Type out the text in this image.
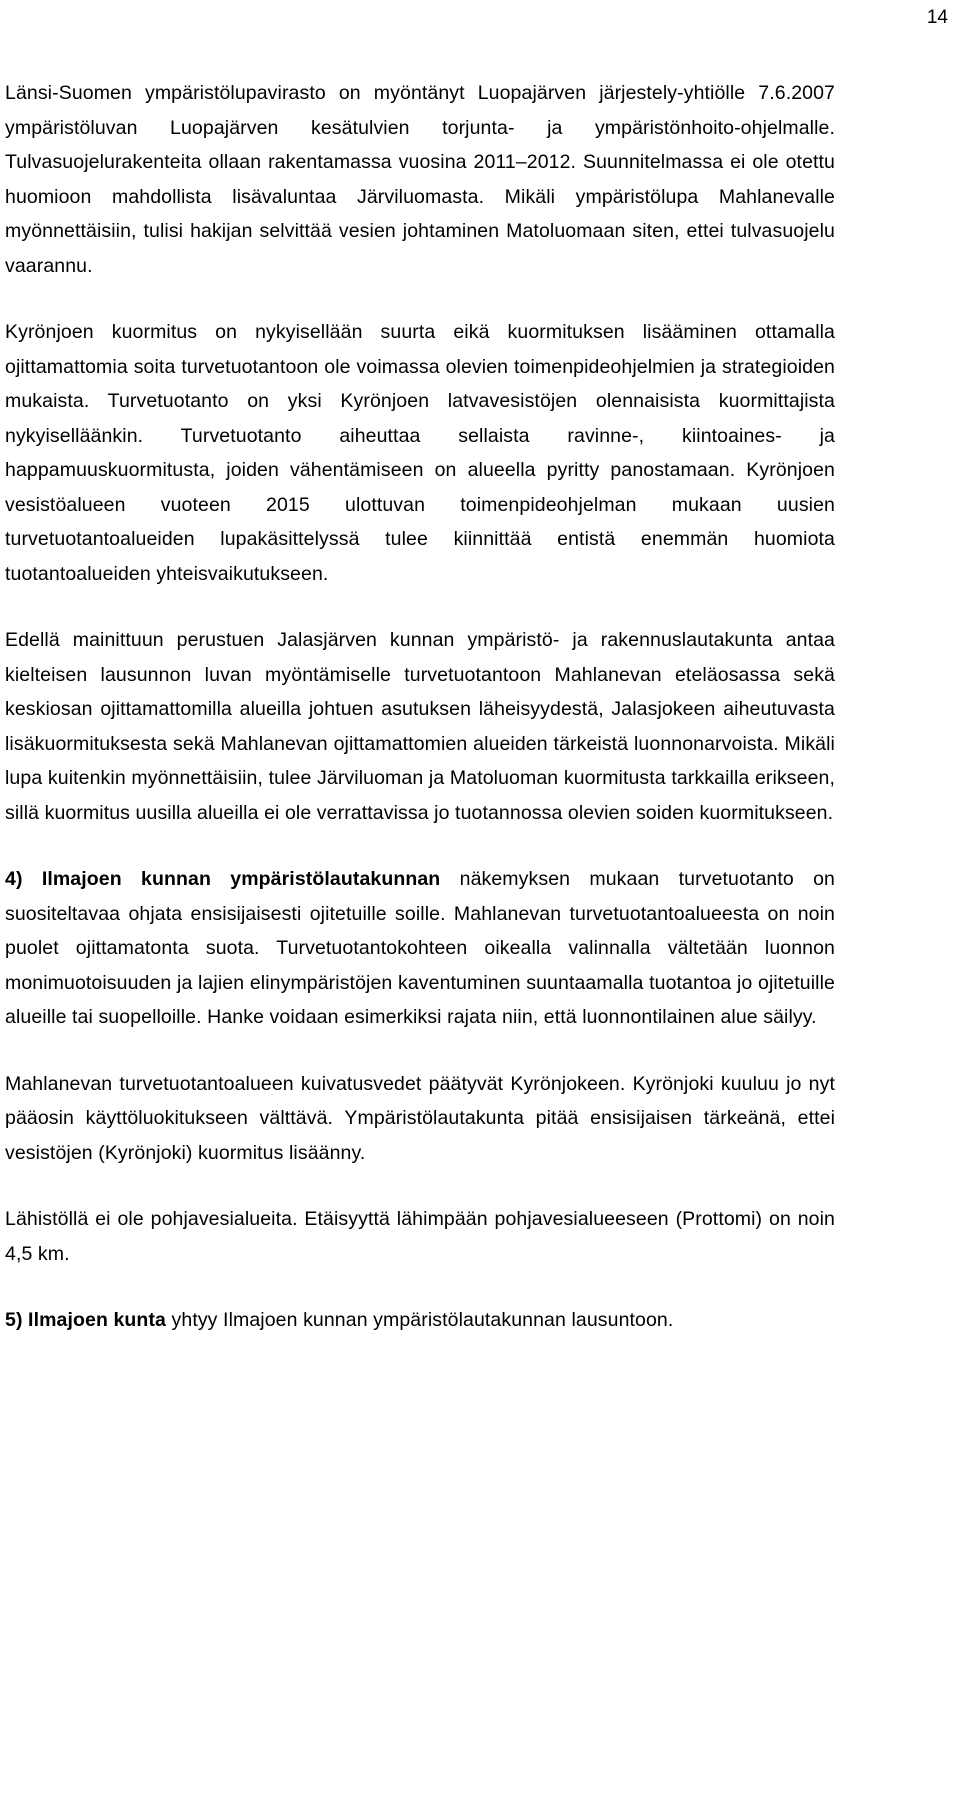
14

Länsi-Suomen ympäristölupavirasto on myöntänyt Luopajärven järjestely-yhtiölle 7.6.2007 ympäristöluvan Luopajärven kesätulvien torjunta- ja ympäristönhoito-ohjelmalle. Tulvasuojelurakenteita ollaan rakentamassa vuosina 2011–2012. Suunnitelmassa ei ole otettu huomioon mahdollista lisävaluntaa Järviluomasta. Mikäli ympäristölupa Mahlanevalle myönnettäisiin, tulisi hakijan selvittää vesien johtaminen Matoluomaan siten, ettei tulvasuojelu vaarannu.

Kyrönjoen kuormitus on nykyisellään suurta eikä kuormituksen lisääminen ottamalla ojittamattomia soita turvetuotantoon ole voimassa olevien toimenpideohjelmien ja strategioiden mukaista. Turvetuotanto on yksi Kyrönjoen latvavesistöjen olennaisista kuormittajista nykyiselläänkin. Turvetuotanto aiheuttaa sellaista ravinne-, kiintoaines- ja happamuuskuormitusta, joiden vähentämiseen on alueella pyritty panostamaan. Kyrönjoen vesistöalueen vuoteen 2015 ulottuvan toimenpideohjelman mukaan uusien turvetuotantoalueiden lupakäsittelyssä tulee kiinnittää entistä enemmän huomiota tuotantoalueiden yhteisvaikutukseen.

Edellä mainittuun perustuen Jalasjärven kunnan ympäristö- ja rakennuslautakunta antaa kielteisen lausunnon luvan myöntämiselle turvetuotantoon Mahlanevan eteläosassa sekä keskiosan ojittamattomilla alueilla johtuen asutuksen läheisyydestä, Jalasjokeen aiheutuvasta lisäkuormituksesta sekä Mahlanevan ojittamattomien alueiden tärkeistä luonnonarvoista. Mikäli lupa kuitenkin myönnettäisiin, tulee Järviluoman ja Matoluoman kuormitusta tarkkailla erikseen, sillä kuormitus uusilla alueilla ei ole verrattavissa jo tuotannossa olevien soiden kuormitukseen.

4) Ilmajoen kunnan ympäristölautakunnan näkemyksen mukaan turvetuotanto on suositeltavaa ohjata ensisijaisesti ojitetuille soille. Mahlanevan turvetuotantoalueesta on noin puolet ojittamatonta suota. Turvetuotantokohteen oikealla valinnalla vältetään luonnon monimuotoisuuden ja lajien elinympäristöjen kaventuminen suuntaamalla tuotantoa jo ojitetuille alueille tai suopelloille. Hanke voidaan esimerkiksi rajata niin, että luonnontilainen alue säilyy.

Mahlanevan turvetuotantoalueen kuivatusvedet päätyvät Kyrönjokeen. Kyrönjoki kuuluu jo nyt pääosin käyttöluokitukseen välttävä. Ympäristölautakunta pitää ensisijaisen tärkeänä, ettei vesistöjen (Kyrönjoki) kuormitus lisäänny.

Lähistöllä ei ole pohjavesialueita. Etäisyyttä lähimpään pohjavesialueeseen (Prottomi) on noin 4,5 km.

5) Ilmajoen kunta yhtyy Ilmajoen kunnan ympäristölautakunnan lausuntoon.
